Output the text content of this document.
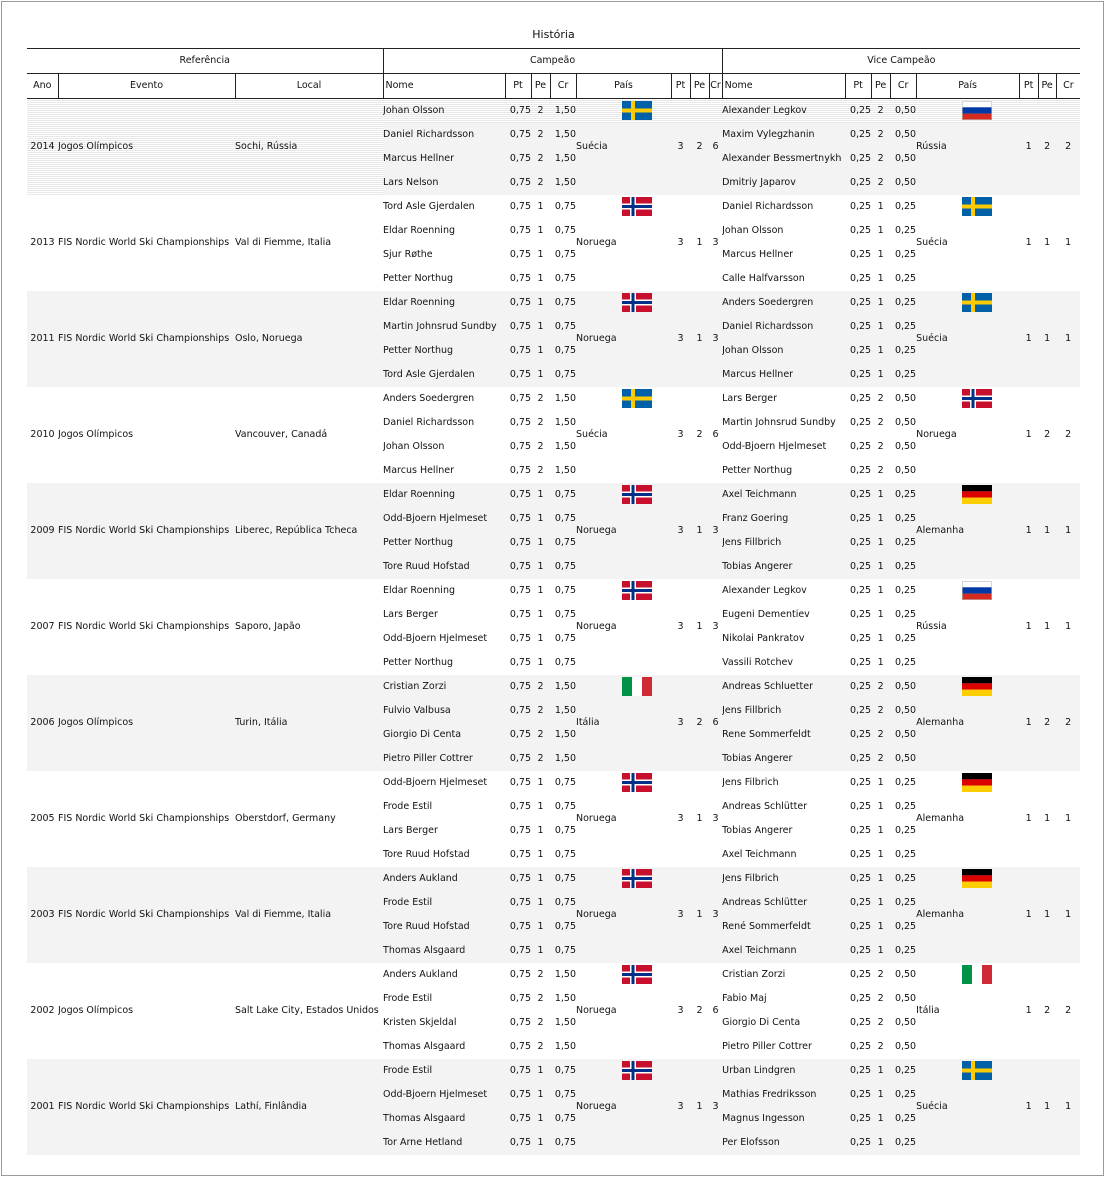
História
Referência			Campeão								Vice Campeão							
Ano	Evento	Local	Nome	Pt	Pe	Cr	País	Pt	Pe	Cr	Nome	Pt	Pe	Cr	País	Pt	Pe	Cr
2014	Jogos Olímpicos	Sochi, Rússia	Johan Olsson	0,75	2	1,50					Alexander Legkov	0,25	2	0,50	

			Daniel Richardsson	0,75	2	1,50	Suécia	3	2	6	Maxim Vylegzhanin	0,25	2	0,50	Rússia	1	2	2

			Marcus Hellner	0,75	2	1,50					Alexander Bessmertnykh	0,25	2	0,50				
			Lars Nelson	0,75	2	1,50					Dmitriy Japarov	0,25	2	0,50				
2013	FIS Nordic World Ski Championships	Val di Fiemme, Italia	Tord Asle Gjerdalen	0,75	1	0,75					Daniel Richardsson	0,25	1	0,25	

			Eldar Roenning	0,75	1	0,75	Noruega	3	1	3	Johan Olsson	0,25	1	0,25	Suécia	1	1	1

			Sjur Røthe	0,75	1	0,75					Marcus Hellner	0,25	1	0,25				
			Petter Northug	0,75	1	0,75					Calle Halfvarsson	0,25	1	0,25				
2011	FIS Nordic World Ski Championships	Oslo, Noruega	Eldar Roenning	0,75	1	0,75					Anders Soedergren	0,25	1	0,25	

			Martin Johnsrud Sundby	0,75	1	0,75	Noruega	3	1	3	Daniel Richardsson	0,25	1	0,25	Suécia	1	1	1

			Petter Northug	0,75	1	0,75					Johan Olsson	0,25	1	0,25				
			Tord Asle Gjerdalen	0,75	1	0,75					Marcus Hellner	0,25	1	0,25				
2010	Jogos Olímpicos	Vancouver, Canadá	Anders Soedergren	0,75	2	1,50					Lars Berger	0,25	2	0,50	

			Daniel Richardsson	0,75	2	1,50	Suécia	3	2	6	Martin Johnsrud Sundby	0,25	2	0,50	Noruega	1	2	2

			Johan Olsson	0,75	2	1,50					Odd-Bjoern Hjelmeset	0,25	2	0,50				
			Marcus Hellner	0,75	2	1,50					Petter Northug	0,25	2	0,50				
2009	FIS Nordic World Ski Championships	Liberec, República Tcheca	Eldar Roenning	0,75	1	0,75					Axel Teichmann	0,25	1	0,25	

			Odd-Bjoern Hjelmeset	0,75	1	0,75	Noruega	3	1	3	Franz Goering	0,25	1	0,25	Alemanha	1	1	1

			Petter Northug	0,75	1	0,75					Jens Fillbrich	0,25	1	0,25				
			Tore Ruud Hofstad	0,75	1	0,75					Tobias Angerer	0,25	1	0,25				
2007	FIS Nordic World Ski Championships	Saporo, Japão	Eldar Roenning	0,75	1	0,75					Alexander Legkov	0,25	1	0,25	

			Lars Berger	0,75	1	0,75	Noruega	3	1	3	Eugeni Dementiev	0,25	1	0,25	Rússia	1	1	1

			Odd-Bjoern Hjelmeset	0,75	1	0,75					Nikolai Pankratov	0,25	1	0,25				
			Petter Northug	0,75	1	0,75					Vassili Rotchev	0,25	1	0,25				
2006	Jogos Olímpicos	Turin, Itália	Cristian Zorzi	0,75	2	1,50					Andreas Schluetter	0,25	2	0,50	

			Fulvio Valbusa	0,75	2	1,50	Itália	3	2	6	Jens Fillbrich	0,25	2	0,50	Alemanha	1	2	2

			Giorgio Di Centa	0,75	2	1,50					Rene Sommerfeldt	0,25	2	0,50				
			Pietro Piller Cottrer	0,75	2	1,50					Tobias Angerer	0,25	2	0,50				
2005	FIS Nordic World Ski Championships	Oberstdorf, Germany	Odd-Bjoern Hjelmeset	0,75	1	0,75					Jens Filbrich	0,25	1	0,25	

			Frode Estil	0,75	1	0,75	Noruega	3	1	3	Andreas Schlütter	0,25	1	0,25	Alemanha	1	1	1

			Lars Berger	0,75	1	0,75					Tobias Angerer	0,25	1	0,25				
			Tore Ruud Hofstad	0,75	1	0,75					Axel Teichmann	0,25	1	0,25				
2003	FIS Nordic World Ski Championships	Val di Fiemme, Italia	Anders Aukland	0,75	1	0,75					Jens Filbrich	0,25	1	0,25	

			Frode Estil	0,75	1	0,75	Noruega	3	1	3	Andreas Schlütter	0,25	1	0,25	Alemanha	1	1	1

			Tore Ruud Hofstad	0,75	1	0,75					René Sommerfeldt	0,25	1	0,25				
			Thomas Alsgaard	0,75	1	0,75					Axel Teichmann	0,25	1	0,25				
2002	Jogos Olímpicos	Salt Lake City, Estados Unidos	Anders Aukland	0,75	2	1,50					Cristian Zorzi	0,25	2	0,50	

			Frode Estil	0,75	2	1,50	Noruega	3	2	6	Fabio Maj	0,25	2	0,50	Itália	1	2	2

			Kristen Skjeldal	0,75	2	1,50					Giorgio Di Centa	0,25	2	0,50				
			Thomas Alsgaard	0,75	2	1,50					Pietro Piller Cottrer	0,25	2	0,50				
2001	FIS Nordic World Ski Championships	Lathí, Finlândia	Frode Estil	0,75	1	0,75					Urban Lindgren	0,25	1	0,25	

			Odd-Bjoern Hjelmeset	0,75	1	0,75	Noruega	3	1	3	Mathias Fredriksson	0,25	1	0,25	Suécia	1	1	1

			Thomas Alsgaard	0,75	1	0,75					Magnus Ingesson	0,25	1	0,25				
			Tor Arne Hetland	0,75	1	0,75					Per Elofsson	0,25	1	0,25				
